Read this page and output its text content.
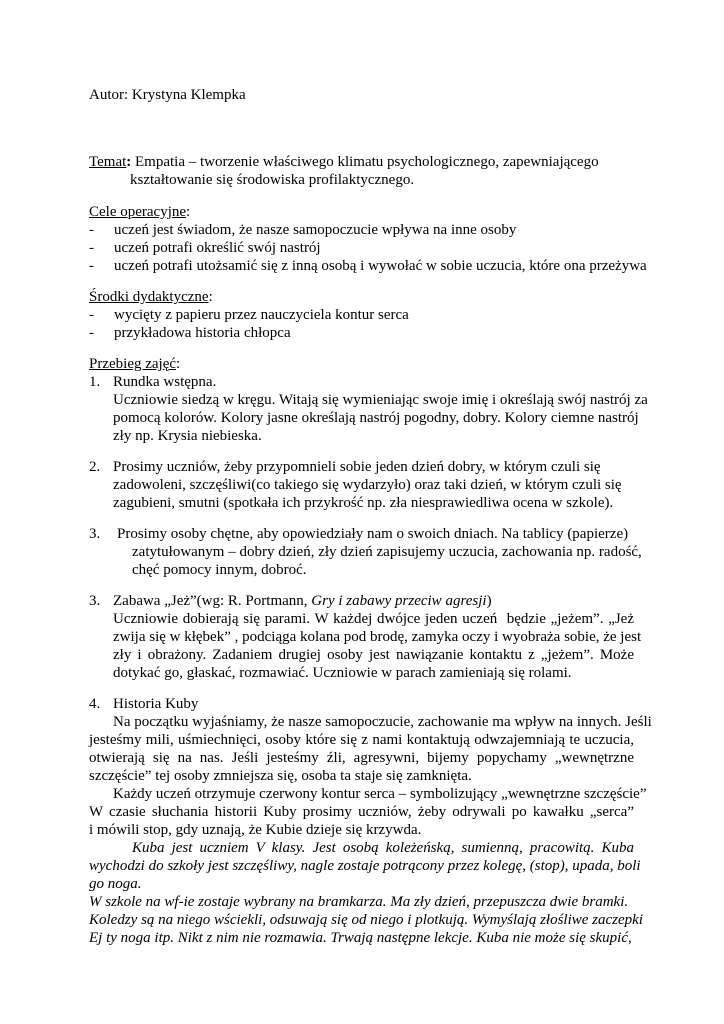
Autor: Krystyna Klempka

Temat: Empatia – tworzenie właściwego klimatu psychologicznego, zapewniającego

kształtowanie się środowiska profilaktycznego.

Cele operacyjne:

- uczeń jest świadom, że nasze samopoczucie wpływa na inne osoby
- uczeń potrafi określić swój nastrój
- uczeń potrafi utożsamić się z inną osobą i wywołać w sobie uczucia, które ona przeżywa

Środki dydaktyczne:

- wycięty z papieru przez nauczyciela kontur serca
- przykładowa historia chłopca

Przebieg zajęć:

1. Rundka wstępna.

Uczniowie siedzą w kręgu. Witają się wymieniając swoje imię i określają swój nastrój za

pomocą kolorów. Kolory jasne określają nastrój pogodny, dobry. Kolory ciemne nastrój

zły np. Krysia niebieska.

2. Prosimy uczniów, żeby przypomnieli sobie jeden dzień dobry, w którym czuli się

zadowoleni, szczęśliwi(co takiego się wydarzyło) oraz taki dzień, w którym czuli się

zagubieni, smutni (spotkała ich przykrość np. zła niesprawiedliwa ocena w szkole).

3. Prosimy osoby chętne, aby opowiedziały nam o swoich dniach. Na tablicy (papierze)

zatytułowanym – dobry dzień, zły dzień zapisujemy uczucia, zachowania np. radość,

chęć pomocy innym, dobroć.

3. Zabawa „Jeż”(wg: R. Portmann, Gry i zabawy przeciw agresji)

Uczniowie dobierają się parami. W każdej dwójce jeden uczeń  będzie „jeżem”. „Jeż

zwija się w kłębek” , podciąga kolana pod brodę, zamyka oczy i wyobraża sobie, że jest

zły i obrażony. Zadaniem drugiej osoby jest nawiązanie kontaktu z „jeżem”. Może

dotykać go, głaskać, rozmawiać. Uczniowie w parach zamieniają się rolami.

4. Historia Kuby

Na początku wyjaśniamy, że nasze samopoczucie, zachowanie ma wpływ na innych. Jeśli

jesteśmy mili, uśmiechnięci, osoby które się z nami kontaktują odwzajemniają te uczucia,

otwierają się na nas. Jeśli jesteśmy źli, agresywni, bijemy popychamy „wewnętrzne

szczęście” tej osoby zmniejsza się, osoba ta staje się zamknięta.

Każdy uczeń otrzymuje czerwony kontur serca – symbolizujący „wewnętrzne szczęście”

W czasie słuchania historii Kuby prosimy uczniów, żeby odrywali po kawałku „serca”

i mówili stop, gdy uznają, że Kubie dzieje się krzywda.

Kuba jest uczniem V klasy. Jest osobą koleżeńską, sumienną, pracowitą. Kuba

wychodzi do szkoły jest szczęśliwy, nagle zostaje potrącony przez kolegę, (stop), upada, boli

go noga.

W szkole na wf-ie zostaje wybrany na bramkarza. Ma zły dzień, przepuszcza dwie bramki.

Koledzy są na niego wściekli, odsuwają się od niego i plotkują. Wymyślają złośliwe zaczepki

Ej ty noga itp. Nikt z nim nie rozmawia. Trwają następne lekcje. Kuba nie może się skupić,
